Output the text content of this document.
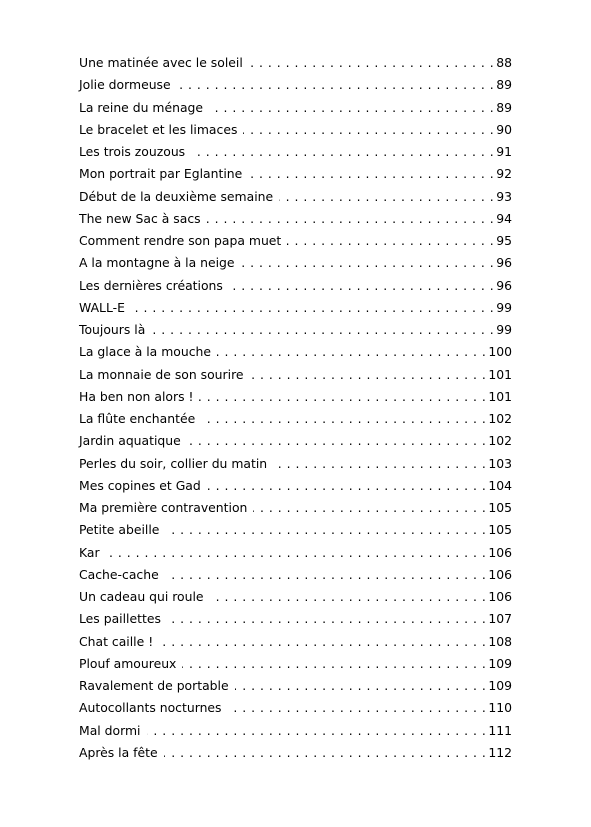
Une matinée avec le soleil . . .	88
Jolie dormeuse . . .	89
La reine du ménage . . .	89
Le bracelet et les limaces . . .	90
Les trois zouzous . . .	91
Mon portrait par Eglantine . . .	92
Début de la deuxième semaine . . .	93
The new Sac à sacs . . .	94
Comment rendre son papa muet . . .	95
A la montagne à la neige . . .	96
Les dernières créations . . .	96
WALL-E . . .	99
Toujours là . . .	99
La glace à la mouche . . .	100
La monnaie de son sourire . . .	101
Ha ben non alors ! . . .	101
La flûte enchantée . . .	102
Jardin aquatique . . .	102
Perles du soir, collier du matin . . .	103
Mes copines et Gad . . .	104
Ma première contravention . . .	105
Petite abeille . . .	105
Kar . . .	106
Cache-cache . . .	106
Un cadeau qui roule . . .	106
Les paillettes . . .	107
Chat caille ! . . .	108
Plouf amoureux . . .	109
Ravalement de portable . . .	109
Autocollants nocturnes . . .	110
Mal dormi . . .	111
Après la fête . . .	112
